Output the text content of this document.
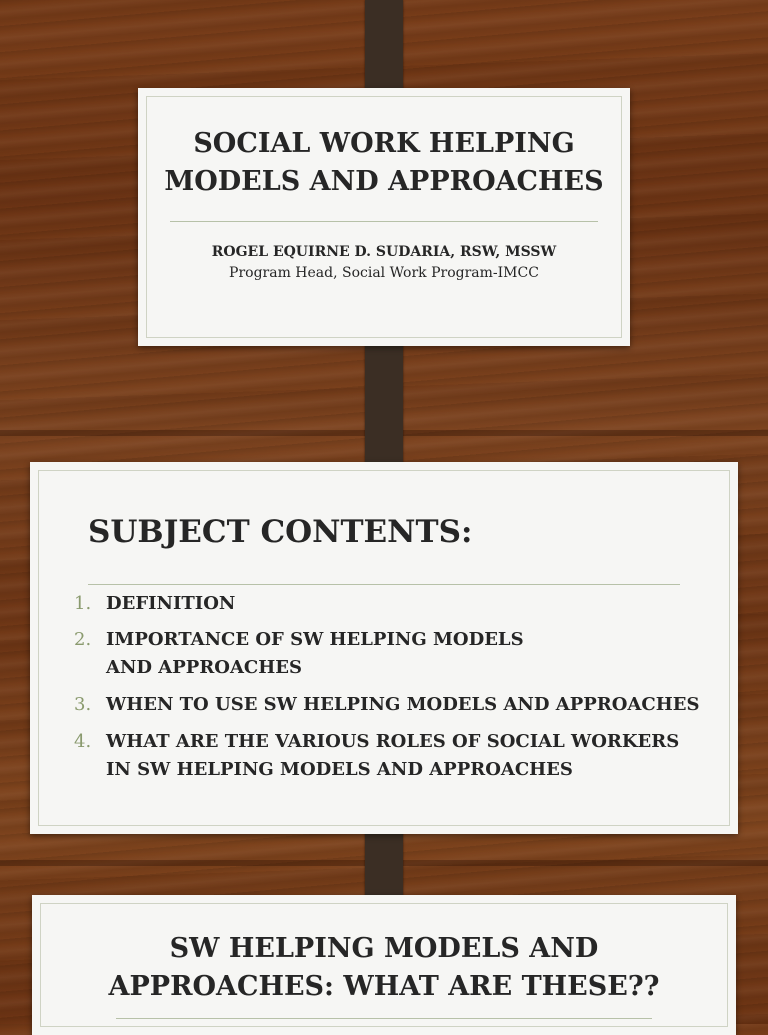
SOCIAL WORK HELPING
MODELS AND APPROACHES
ROGEL EQUIRNE D. SUDARIA, RSW, MSSW
Program Head, Social Work Program-IMCC
SUBJECT CONTENTS:
1. DEFINITION
2. IMPORTANCE OF SW HELPING MODELS AND APPROACHES
3. WHEN TO USE SW HELPING MODELS AND APPROACHES
4. WHAT ARE THE VARIOUS ROLES OF SOCIAL WORKERS IN SW HELPING MODELS AND APPROACHES
SW HELPING MODELS AND
APPROACHES: WHAT ARE THESE??
